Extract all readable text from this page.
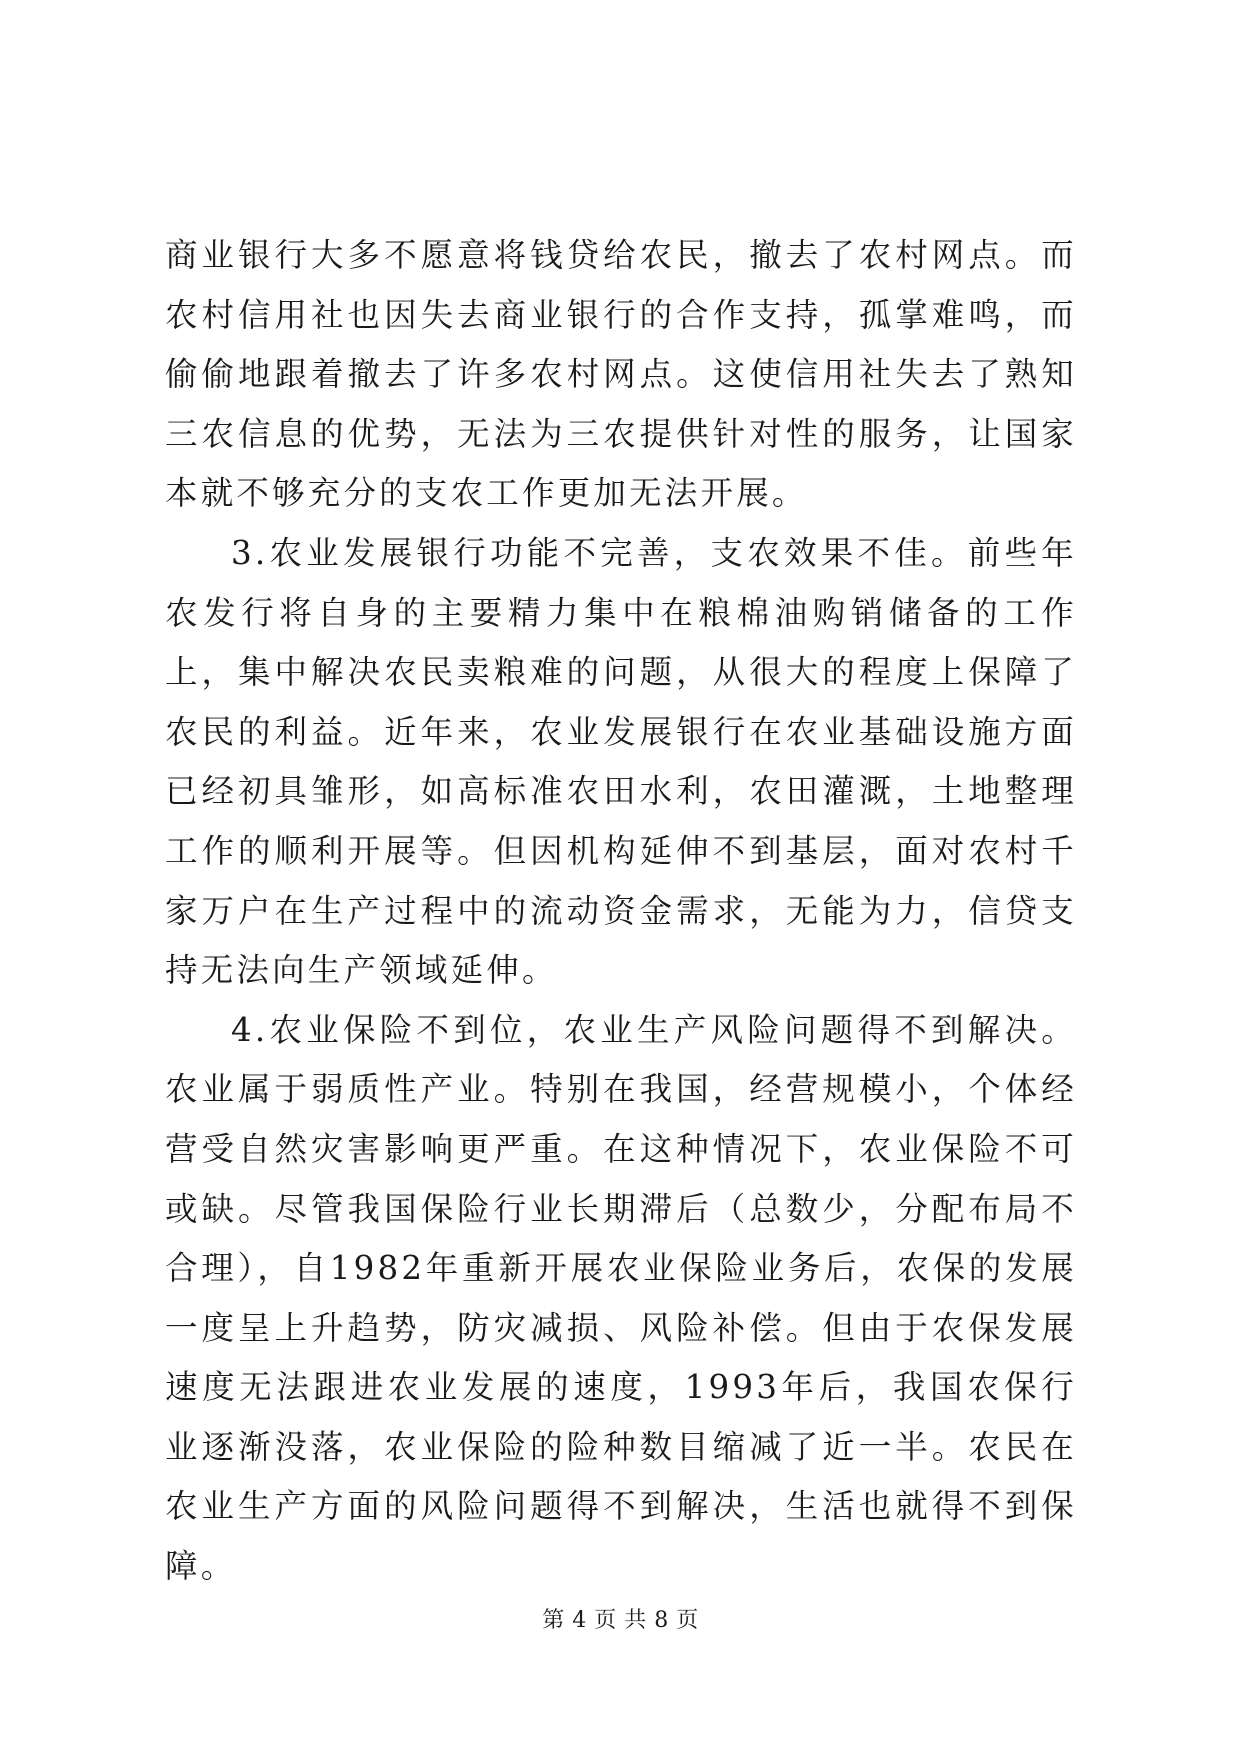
商业银行大多不愿意将钱贷给农民，撤去了农村网点。而农村信用社也因失去商业银行的合作支持，孤掌难鸣，而偷偷地跟着撤去了许多农村网点。这使信用社失去了熟知三农信息的优势，无法为三农提供针对性的服务，让国家本就不够充分的支农工作更加无法开展。

3.农业发展银行功能不完善，支农效果不佳。前些年农发行将自身的主要精力集中在粮棉油购销储备的工作上，集中解决农民卖粮难的问题，从很大的程度上保障了农民的利益。近年来，农业发展银行在农业基础设施方面已经初具雏形，如高标准农田水利，农田灌溉，土地整理工作的顺利开展等。但因机构延伸不到基层，面对农村千家万户在生产过程中的流动资金需求，无能为力，信贷支持无法向生产领域延伸。

4.农业保险不到位，农业生产风险问题得不到解决。农业属于弱质性产业。特别在我国，经营规模小，个体经营受自然灾害影响更严重。在这种情况下，农业保险不可或缺。尽管我国保险行业长期滞后（总数少，分配布局不合理），自1982年重新开展农业保险业务后，农保的发展一度呈上升趋势，防灾减损、风险补偿。但由于农保发展速度无法跟进农业发展的速度，1993年后，我国农保行业逐渐没落，农业保险的险种数目缩减了近一半。农民在农业生产方面的风险问题得不到解决，生活也就得不到保障。

第 4 页 共 8 页
